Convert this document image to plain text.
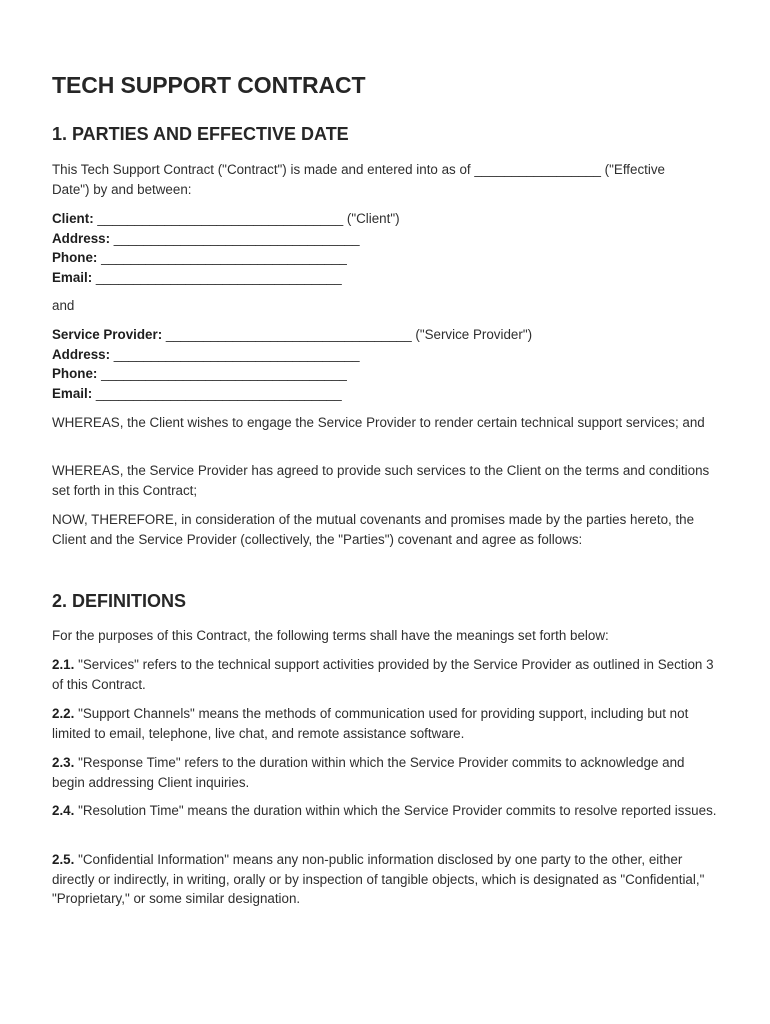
TECH SUPPORT CONTRACT
1. PARTIES AND EFFECTIVE DATE

This Tech Support Contract ("Contract") is made and entered into as of _________________ ("Effective Date") by and between:

Client: _________________________________ ("Client")

Address: _________________________________

Phone: _________________________________

Email: _________________________________

and

Service Provider: _________________________________ ("Service Provider")

Address: _________________________________

Phone: _________________________________

Email: _________________________________

WHEREAS, the Client wishes to engage the Service Provider to render certain technical support services; and

WHEREAS, the Service Provider has agreed to provide such services to the Client on the terms and conditions set forth in this Contract;

NOW, THEREFORE, in consideration of the mutual covenants and promises made by the parties hereto, the Client and the Service Provider (collectively, the "Parties") covenant and agree as follows:

2. DEFINITIONS

For the purposes of this Contract, the following terms shall have the meanings set forth below:

2.1. "Services" refers to the technical support activities provided by the Service Provider as outlined in Section 3 of this Contract.

2.2. "Support Channels" means the methods of communication used for providing support, including but not limited to email, telephone, live chat, and remote assistance software.

2.3. "Response Time" refers to the duration within which the Service Provider commits to acknowledge and begin addressing Client inquiries.

2.4. "Resolution Time" means the duration within which the Service Provider commits to resolve reported issues.

2.5. "Confidential Information" means any non-public information disclosed by one party to the other, either directly or indirectly, in writing, orally or by inspection of tangible objects, which is designated as "Confidential," "Proprietary," or some similar designation.
